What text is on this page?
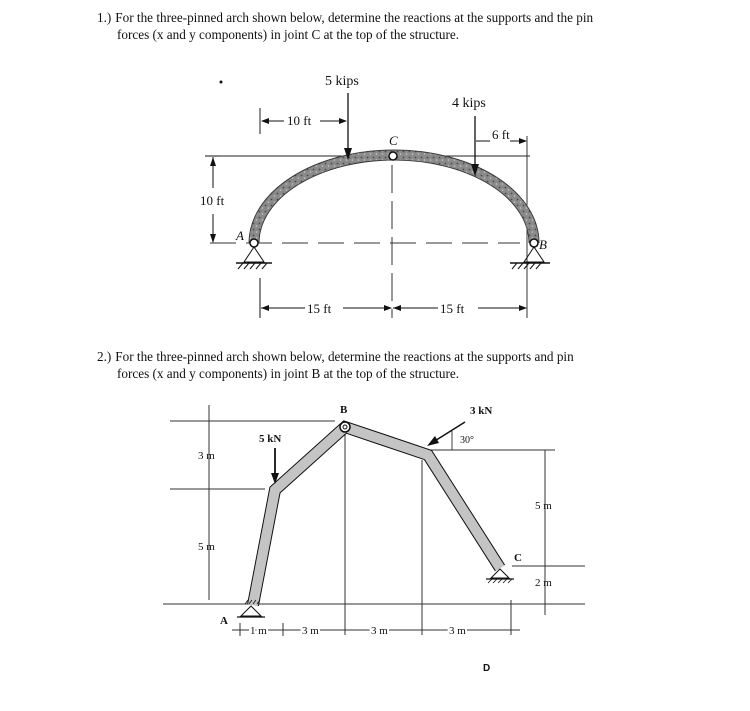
1.) For the three-pinned arch shown below, determine the reactions at the supports and the pin
forces (x and y components) in joint C at the top of the structure.

C
A
B
5 kips
4 kips
10 ft
6 ft
10 ft
15 ft	15 ft

2.) For the three-pinned arch shown below, determine the reactions at the supports and pin
forces (x and y components) in joint B at the top of the structure.

B	3 kN
30°
5 kN
3 m
5 m
5 m
2 m
A
C
1 m	3 m	3 m	3 m
D
